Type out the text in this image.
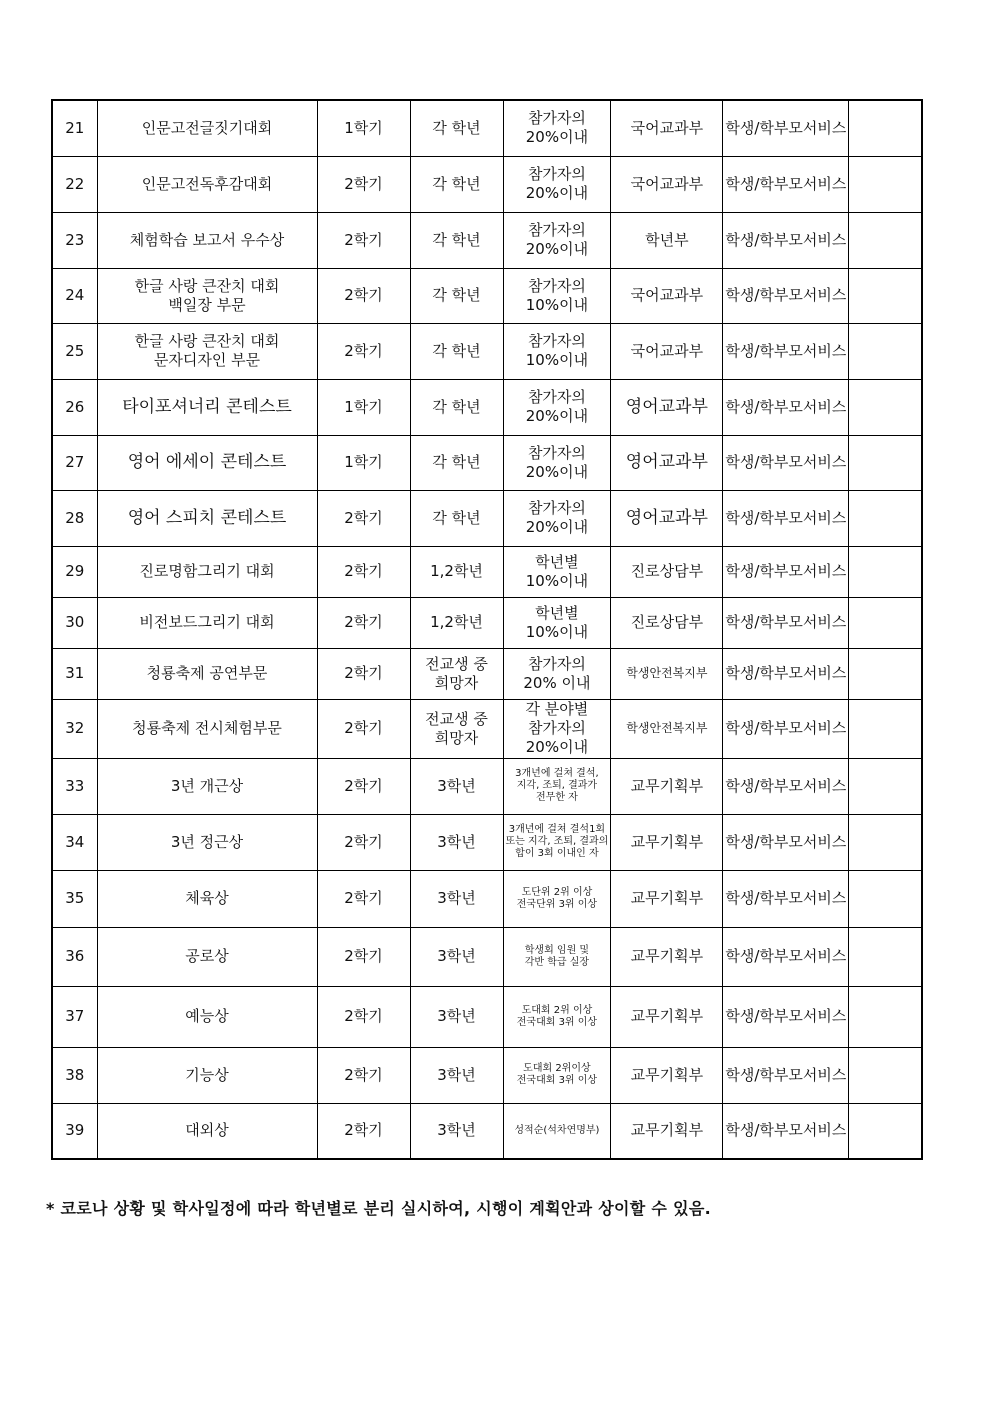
21	인문고전글짓기대회	1학기	각 학년	참가자의
20%이내	국어교과부	학생/학부모서비스	
22	인문고전독후감대회	2학기	각 학년	참가자의
20%이내	국어교과부	학생/학부모서비스	
23	체험학습 보고서 우수상	2학기	각 학년	참가자의
20%이내	학년부	학생/학부모서비스	
24	한글 사랑 큰잔치 대회
백일장 부문	2학기	각 학년	참가자의
10%이내	국어교과부	학생/학부모서비스	
25	한글 사랑 큰잔치 대회
문자디자인 부문	2학기	각 학년	참가자의
10%이내	국어교과부	학생/학부모서비스	
26	타이포셔너리 콘테스트	1학기	각 학년	참가자의
20%이내	영어교과부	학생/학부모서비스	
27	영어 에세이 콘테스트	1학기	각 학년	참가자의
20%이내	영어교과부	학생/학부모서비스	
28	영어 스피치 콘테스트	2학기	각 학년	참가자의
20%이내	영어교과부	학생/학부모서비스	
29	진로명함그리기 대회	2학기	1,2학년	학년별
10%이내	진로상담부	학생/학부모서비스	
30	비전보드그리기 대회	2학기	1,2학년	학년별
10%이내	진로상담부	학생/학부모서비스	
31	청룡축제 공연부문	2학기	전교생 중
희망자	참가자의
20% 이내	학생안전복지부	학생/학부모서비스	
32	청룡축제 전시체험부문	2학기	전교생 중
희망자	각 분야별
참가자의
20%이내	학생안전복지부	학생/학부모서비스	
33	3년 개근상	2학기	3학년	3개년에 걸쳐 결석,
지각, 조퇴, 결과가
전무한 자	교무기획부	학생/학부모서비스	
34	3년 정근상	2학기	3학년	3개년에 걸쳐 결석1회
또는 지각, 조퇴, 결과의
합이 3회 이내인 자	교무기획부	학생/학부모서비스	
35	체육상	2학기	3학년	도단위 2위 이상
전국단위 3위 이상	교무기획부	학생/학부모서비스	
36	공로상	2학기	3학년	학생회 임원 및
각반 학급 실장	교무기획부	학생/학부모서비스	
37	예능상	2학기	3학년	도대회 2위 이상
전국대회 3위 이상	교무기획부	학생/학부모서비스	
38	기능상	2학기	3학년	도대회 2위이상
전국대회 3위 이상	교무기획부	학생/학부모서비스	
39	대외상	2학기	3학년	성적순(석차연명부)	교무기획부	학생/학부모서비스	
* 코로나 상황 및 학사일정에 따라 학년별로 분리 실시하여, 시행이 계획안과 상이할 수 있음.
